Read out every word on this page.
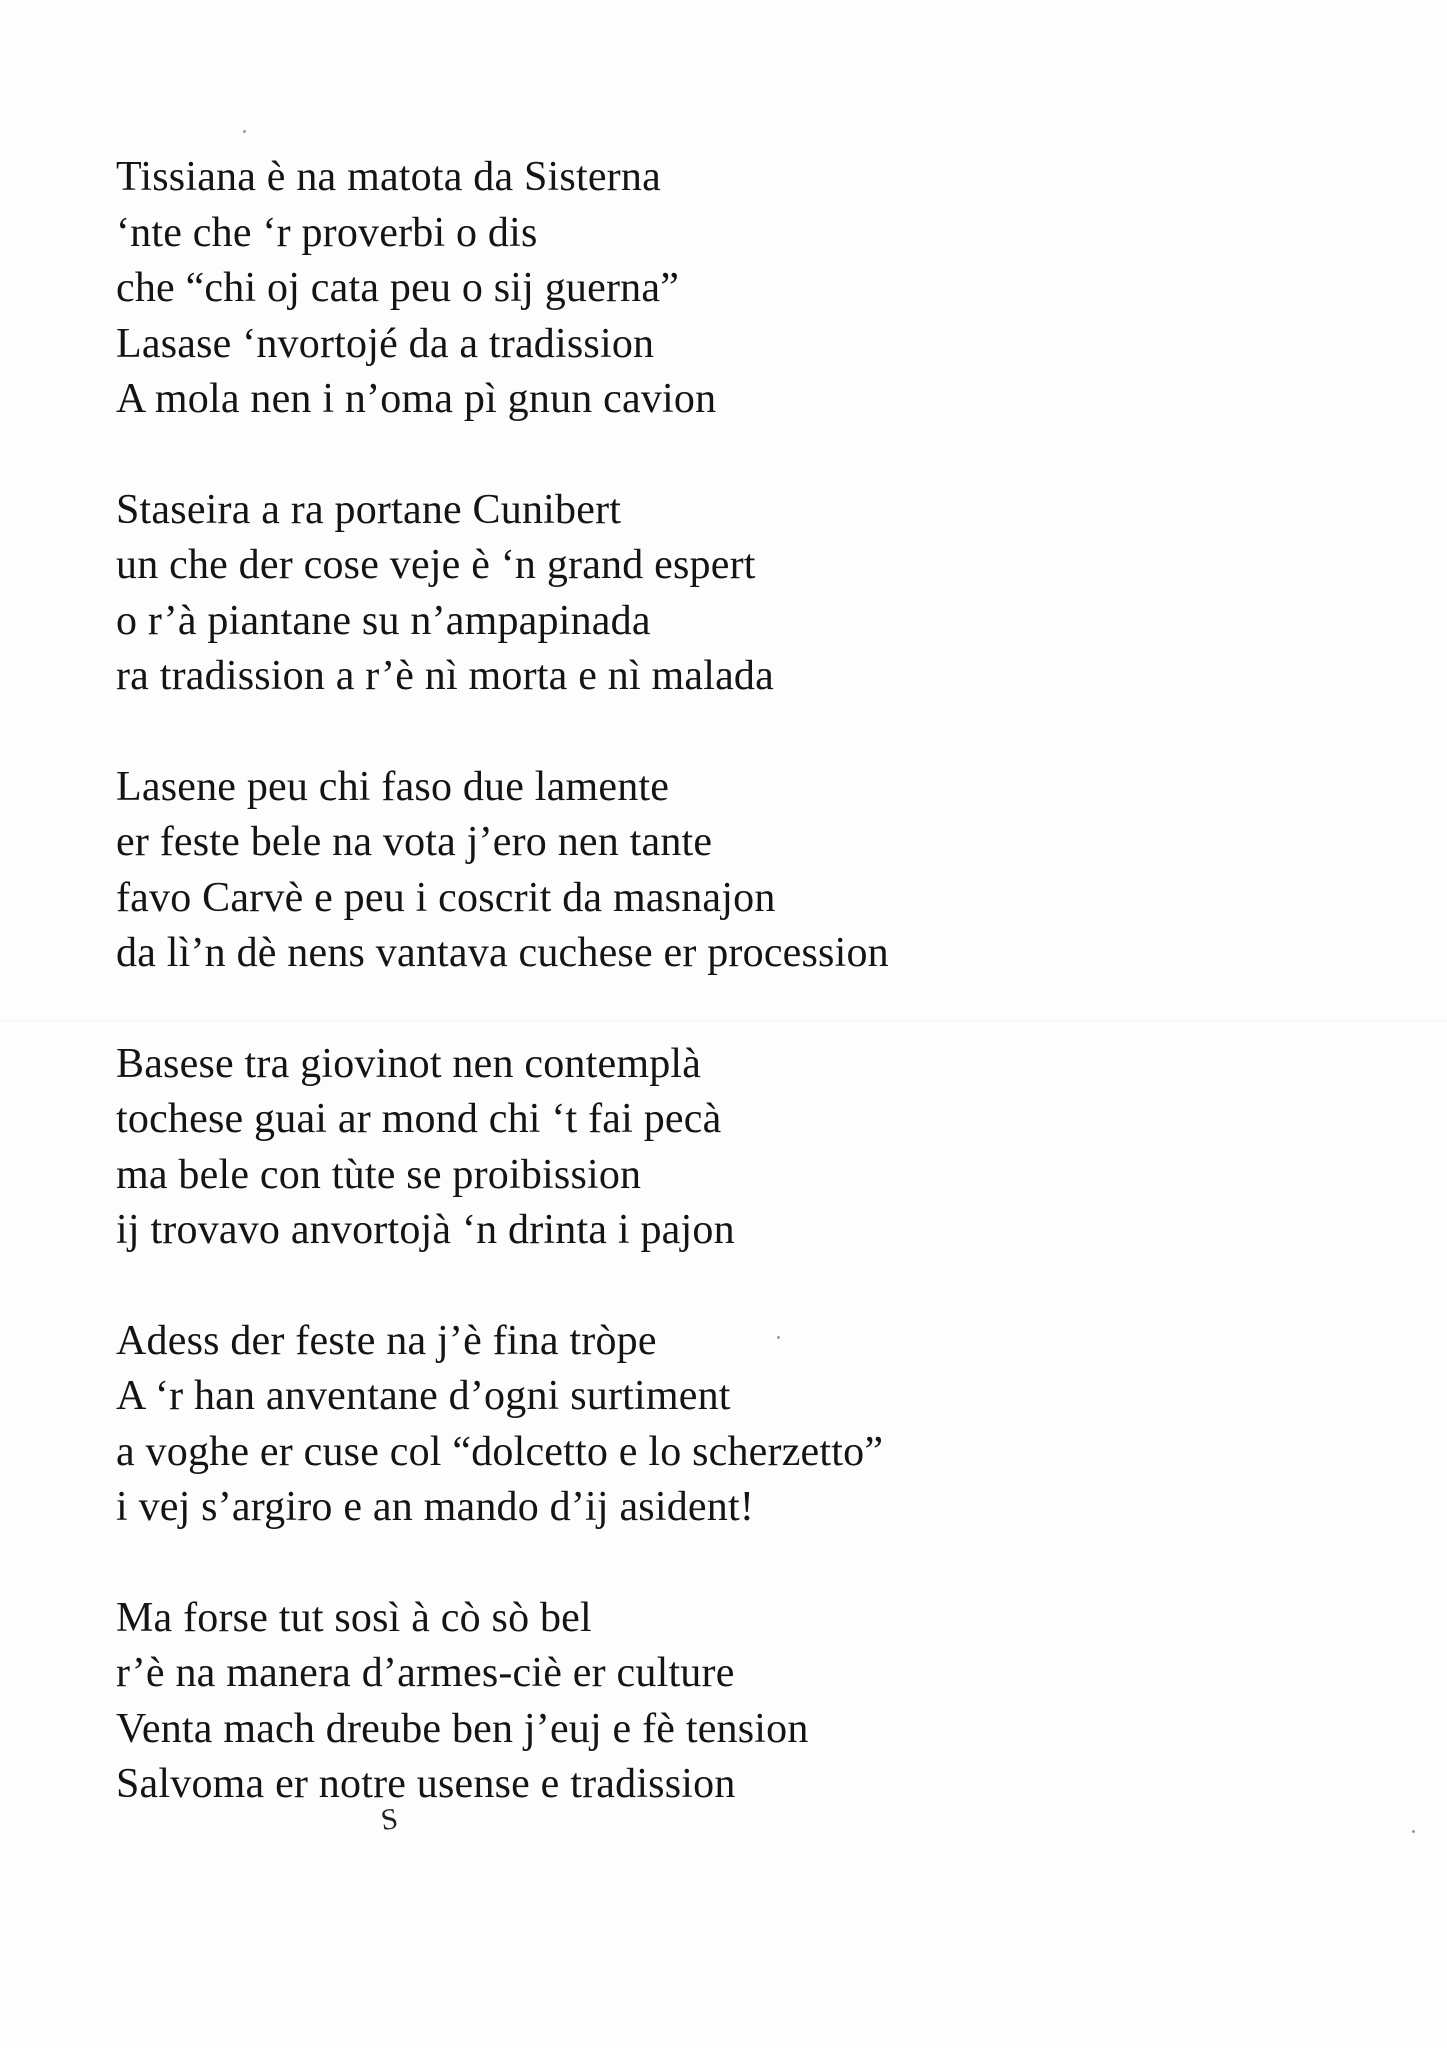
Tissiana è na matota da Sisterna
‘nte che ‘r proverbi o dis
che “chi oj cata peu o sij guerna”
Lasase ‘nvortojé da a tradission
A mola nen i n’oma pì gnun cavion
Staseira a ra portane Cunibert
un che der cose veje è ‘n grand espert
o r’à piantane su n’ampapinada
ra tradission a r’è nì morta e nì malada
Lasene peu chi faso due lamente
er feste bele na vota j’ero nen tante
favo Carvè e peu i coscrit da masnajon
da lì’n dè nens vantava cuchese er procession
Basese tra giovinot nen contemplà
tochese guai ar mond chi ‘t fai pecà
ma bele con tùte se proibission
ij trovavo anvortojà ‘n drinta i pajon
Adess der feste na j’è fina tròpe
A ‘r han anventane d’ogni surtiment
a voghe er cuse col “dolcetto e lo scherzetto”
i vej s’argiro e an mando d’ij asident!
Ma forse tut sosì à cò sò bel
r’è na manera d’armes-ciè er culture
Venta mach dreube ben j’euj e fè tension
Salvoma er notre usense e tradission
S
